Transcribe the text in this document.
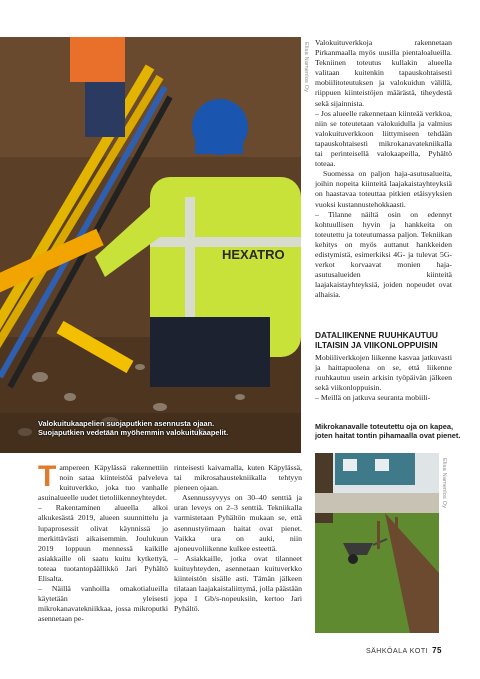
HEXATRO
Valokuitukaapelien suojaputkien asennusta ojaan.
Suojaputkien vedetään myöhemmin valokuitukaapelit.
Elisa Namenlos Oy Valokuituverkkoja rakennetaan Pirkanmaalla myös uusilla pientaloalueilla. Tekniinen toteutus kullakin alueella valitaan kuitenkin tapauskohtaisesti mobiilitoteutuksen ja valokuidun välillä, riippuen kiinteistöjen määrästä, tiheydestä sekä sijainnista.

– Jos alueelle rakennetaan kiinteää verkkoa, niin se toteutetaan valokuidulla ja valmius valokuituverkkoon liittymiseen tehdään tapauskohtaisesti mikrokanavatekniikalla tai perinteisellä valokaapeilla, Pyhältö toteaa.

Suomessa on paljon haja-asutusalueita, joihin nopeita kiinteitä laajakaistayhteyksiä on haastavaa toteuttaa pitkien etäisyyksien vuoksi kustannustehokkaasti.

– Tilanne näiltä osin on edennyt kohtuullisen hyvin ja hankkeita on toteutettu ja toteutumassa paljon. Tekniikan kehitys on myös auttanut hankkeiden edistymistä, esimerkiksi 4G- ja tulevat 5G-verkot korvaavat monien haja-asutusalueiden kiinteitä laajakaistayhteyksiä, joiden nopeudet ovat alhaisia.

DATALIIKENNE RUUHKAUTUU ILTAISIN JA VIIKONLOPPUISIN

Mobiiliverkkojen liikenne kasvaa jatkuvasti ja haittapuolena on se, että liikenne ruuhkautuu usein arkisin työpäivän jälkeen sekä viikonloppuisin.

– Meillä on jatkuva seuranta mobiili-

Mikrokanavalle toteutettu oja on kapea,
joten haitat tontin pihamaalla ovat pienet.
Elisa Namenlos Oy
T ampereen Käpylässä rakennettiin noin sataa kiinteistöä palveleva kuituverkko, joka tuo vanhalle asuinalueelle uudet tietoliikenneyhteydet.

– Rakentaminen alueella alkoi alkukesästä 2019, alueen suunnittelu ja lupaprosessit olivat käynnissä jo merkittävästi aikaisemmin. Joulukuun 2019 loppuun mennessä kaikille asiakkaille oli saatu kuitu kytkettyä, toteaa tuotantopäällikkö Jari Pyhältö Elisalta.

– Näillä vanhoilla omakotialueilla käytetään yleisesti mikrokanavatekniikkaa, jossa mikroputki asennetaan pe-

rinteisesti kaivamalla, kuten Käpylässä, tai mikrosahaustekniikalla tehtyyn pieneen ojaan.

Asennussyvyys on 30–40 senttiä ja uran leveys on 2–3 senttiä. Tekniikalla varmistetaan Pyhältön mukaan se, että asennustyömaan haitat ovat pienet. Vaikka ura on auki, niin ajoneuvoliikenne kulkee esteettä.

– Asiakkaille, jotka ovat tilanneet kuituyhteyden, asennetaan kuituverkko kiinteistön sisälle asti. Tämän jälkeen tilataan laajakaistaliittymä, jolla päästään jopa 1 Gb/s-nopeuksiin, kertoo Jari Pyhältö.

SÄHKÖALA KOTI 75
